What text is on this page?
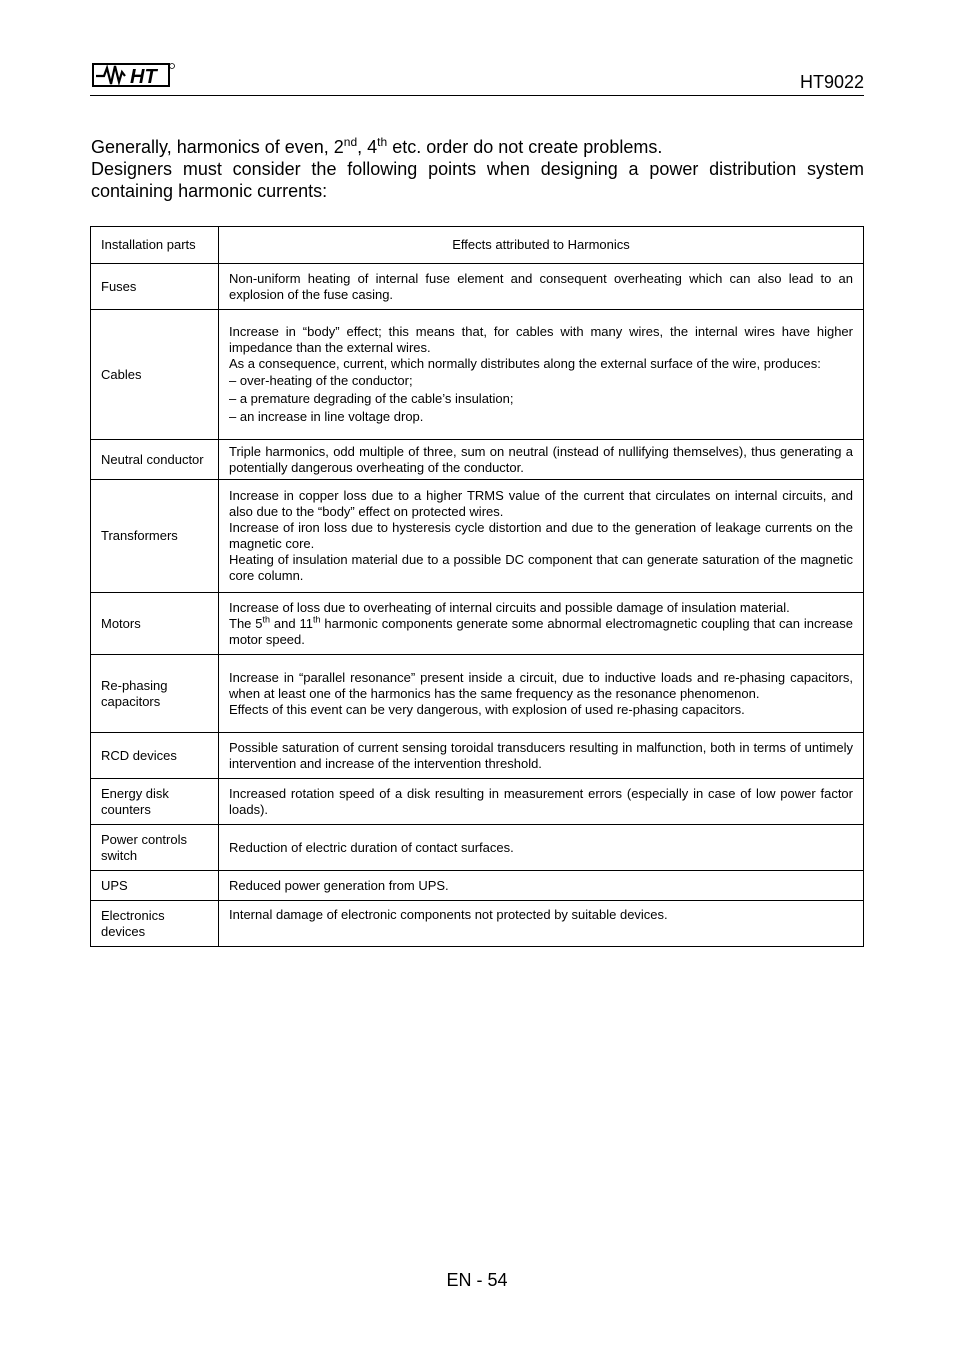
HT	HT9022

Generally, harmonics of even, 2nd, 4th etc. order do not create problems.

Designers must consider the following points when designing a power distribution system containing harmonic currents:

Installation parts	Effects attributed to Harmonics
Fuses	Non-uniform heating of internal fuse element and consequent overheating which can also lead to an explosion of the fuse casing.

Cables	Increase in “body” effect; this means that, for cables with many wires, the internal wires have higher impedance than the external wires.
As a consequence, current, which normally distributes along the external surface of the wire, produces:
– over-heating of the conductor;
– a premature degrading of the cable’s insulation;
– an increase in line voltage drop.

Neutral conductor	Triple harmonics, odd multiple of three, sum on neutral (instead of nullifying themselves), thus generating a potentially dangerous overheating of the conductor.

Transformers	Increase in copper loss due to a higher TRMS value of the current that circulates on internal circuits, and also due to the “body” effect on protected wires.
Increase of iron loss due to hysteresis cycle distortion and due to the generation of leakage currents on the magnetic core.
Heating of insulation material due to a possible DC component that can generate saturation of the magnetic core column.

Motors	Increase of loss due to overheating of internal circuits and possible damage of insulation material.
The 5th and 11th harmonic components generate some abnormal electromagnetic coupling that can increase motor speed.

Re-phasing capacitors	Increase in “parallel resonance” present inside a circuit, due to inductive loads and re-phasing capacitors, when at least one of the harmonics has the same frequency as the resonance phenomenon.
Effects of this event can be very dangerous, with explosion of used re-phasing capacitors.

RCD devices	Possible saturation of current sensing toroidal transducers resulting in malfunction, both in terms of untimely intervention and increase of the intervention threshold.

Energy disk counters	Increased rotation speed of a disk resulting in measurement errors (especially in case of low power factor loads).

Power controls switch	Reduction of electric duration of contact surfaces.

UPS	Reduced power generation from UPS.

Electronics devices	Internal damage of electronic components not protected by suitable devices.
EN - 54
